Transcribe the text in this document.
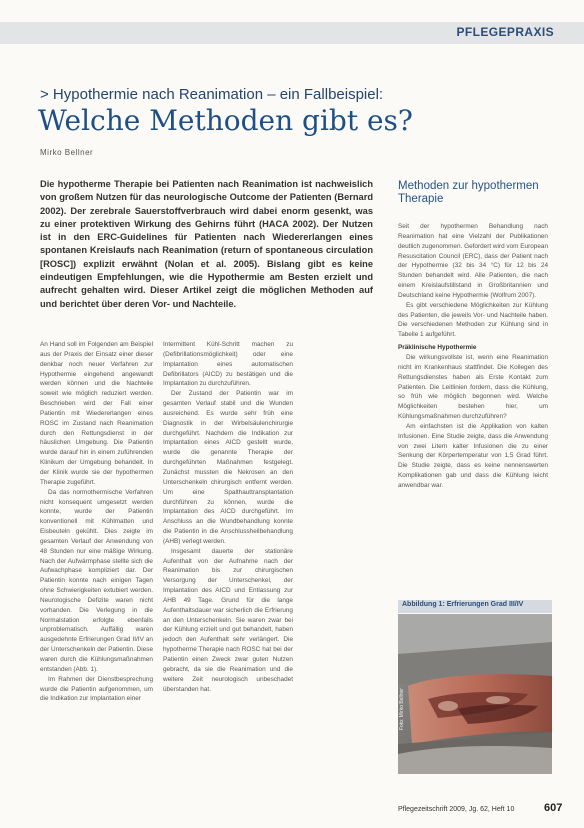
PFLEGEPRAXIS
> Hypothermie nach Reanimation – ein Fallbeispiel:
Welche Methoden gibt es?
Mirko Bellner
Die hypotherme Therapie bei Patienten nach Reanimation ist nachweislich von großem Nutzen für das neurologische Outcome der Patienten (Bernard 2002). Der zerebrale Sauerstoffverbrauch wird dabei enorm gesenkt, was zu einer protektiven Wirkung des Gehirns führt (HACA 2002). Der Nutzen ist in den ERC-Guidelines für Patienten nach Wiedererlangen eines spontanen Kreislaufs nach Reanimation (return of spontaneous circulation [ROSC]) explizit erwähnt (Nolan et al. 2005). Bislang gibt es keine eindeutigen Empfehlungen, wie die Hypothermie am Besten erzielt und aufrecht gehalten wird. Dieser Artikel zeigt die möglichen Methoden auf und berichtet über deren Vor- und Nachteile.

An Hand soll im Folgenden am Beispiel aus der Praxis der Einsatz einer dieser denkbar noch neuer Verfahren zur Hypothermie eingehend angewandt werden können und die Nachteile soweit wie möglich reduziert werden. Beschrieben wird der Fall einer Patientin mit Wiedererlangen eines ROSC im Zustand nach Reanimation durch den Rettungsdienst in der häuslichen Umgebung. Die Patientin wurde darauf hin in einem zuführenden Klinikum der Umgebung behandelt. In der Klinik wurde sie der hypothermen Therapie zugeführt.

Da das normothermische Verfahren nicht konsequent umgesetzt werden konnte, wurde der Patientin konventionell mit Kühlmatten und Eisbeuteln gekühlt. Dies zeigte im gesamten Verlauf der Anwendung von 48 Stunden nur eine mäßige Wirkung. Nach der Aufwärmphase stellte sich die Aufwachphase kompliziert dar. Der Patientin konnte nach einigen Tagen ohne Schwierigkeiten extubiert werden. Neurologische Defizite waren nicht vorhanden. Die Verlegung in die Normalstation erfolgte ebenfalls unproblematisch. Auffällig waren ausgedehnte Erfrierungen Grad II/IV an der Unterschenkeln der Patientin. Diese waren durch die Kühlungsmaßnahmen entstanden (Abb. 1).

Im Rahmen der Dienstbesprechung wurde die Patientin aufgenommen, um die Indikation zur Implantation einer

Intermittent Kühl-Schritt machen zu (Defibrillationsmöglichkeit) oder eine Implantation eines automatischen Defibrillators (AICD) zu bestätigen und die Implantation zu durchzuführen.

Der Zustand der Patientin war im gesamten Verlauf stabil und die Wunden ausreichend. Es wurde sehr früh eine Diagnostik in der Wirbelsäulenchirurgie durchgeführt. Nachdem die Indikation zur Implantation eines AICD gestellt wurde, wurde die genannte Therapie der durchgeführten Maßnahmen festgelegt. Zunächst mussten die Nekrosen an den Unterschenkeln chirurgisch entfernt werden. Um eine Spalthauttransplantation durchführen zu können, wurde die Implantation des AICD durchgeführt. Im Anschluss an die Wundbehandlung konnte die Patientin in die Anschlussheilbehandlung (AHB) verlegt werden.

Insgesamt dauerte der stationäre Aufenthalt von der Aufnahme nach der Reanimation bis zur chirurgischen Versorgung der Unterschenkel, der Implantation des AICD und Entlassung zur AHB 49 Tage. Grund für die lange Aufenthaltsdauer war sicherlich die Erfrierung an den Unterschenkeln. Sie waren zwar bei der Kühlung erzielt und gut behandelt, haben jedoch den Aufenthalt sehr verlängert. Die hypotherme Therapie nach ROSC hat bei der Patientin einen Zweck zwar guten Nutzen gebracht, da sie die Reanimation und die weitere Zeit neurologisch unbeschadet überstanden hat.

Methoden zur hypothermen Therapie

Seit der hypothermen Behandlung nach Reanimation hat eine Vielzahl der Publikationen deutlich zugenommen. Gefordert wird vom European Resuscitation Council (ERC), dass der Patient nach der Hypothermie (32 bis 34 °C) für 12 bis 24 Stunden behandelt wird. Alle Patienten, die nach einem Kreislaufstillstand in Großbritannien und Deutschland keine Hypothermie (Wolfrum 2007).

Es gibt verschiedene Möglichkeiten zur Kühlung des Patienten, die jeweils Vor- und Nachteile haben. Die verschiedenen Methoden zur Kühlung sind in Tabelle 1 aufgeführt.

Präklinische Hypothermie

Die wirkungsvollste ist, wenn eine Reanimation nicht im Krankenhaus stattfindet. Die Kollegen des Rettungsdienstes haben als Erste Kontakt zum Patienten. Die Leitlinien fordern, dass die Kühlung, so früh wie möglich begonnen wird. Welche Möglichkeiten bestehen hier, um Kühlungsmaßnahmen durchzuführen?

Am einfachsten ist die Applikation von kalten Infusionen. Eine Studie zeigte, dass die Anwendung von zwei Litern kalter Infusionen die zu einer Senkung der Körpertemperatur von 1,5 Grad führt. Die Studie zeigte, dass es keine nennenswerten Komplikationen gab und dass die Kühlung leicht anwendbar war.

Abbildung 1: Erfrierungen Grad III/IV
Foto: Mirko Bellner
Pflegezeitschrift 2009, Jg. 62, Heft 10	607
